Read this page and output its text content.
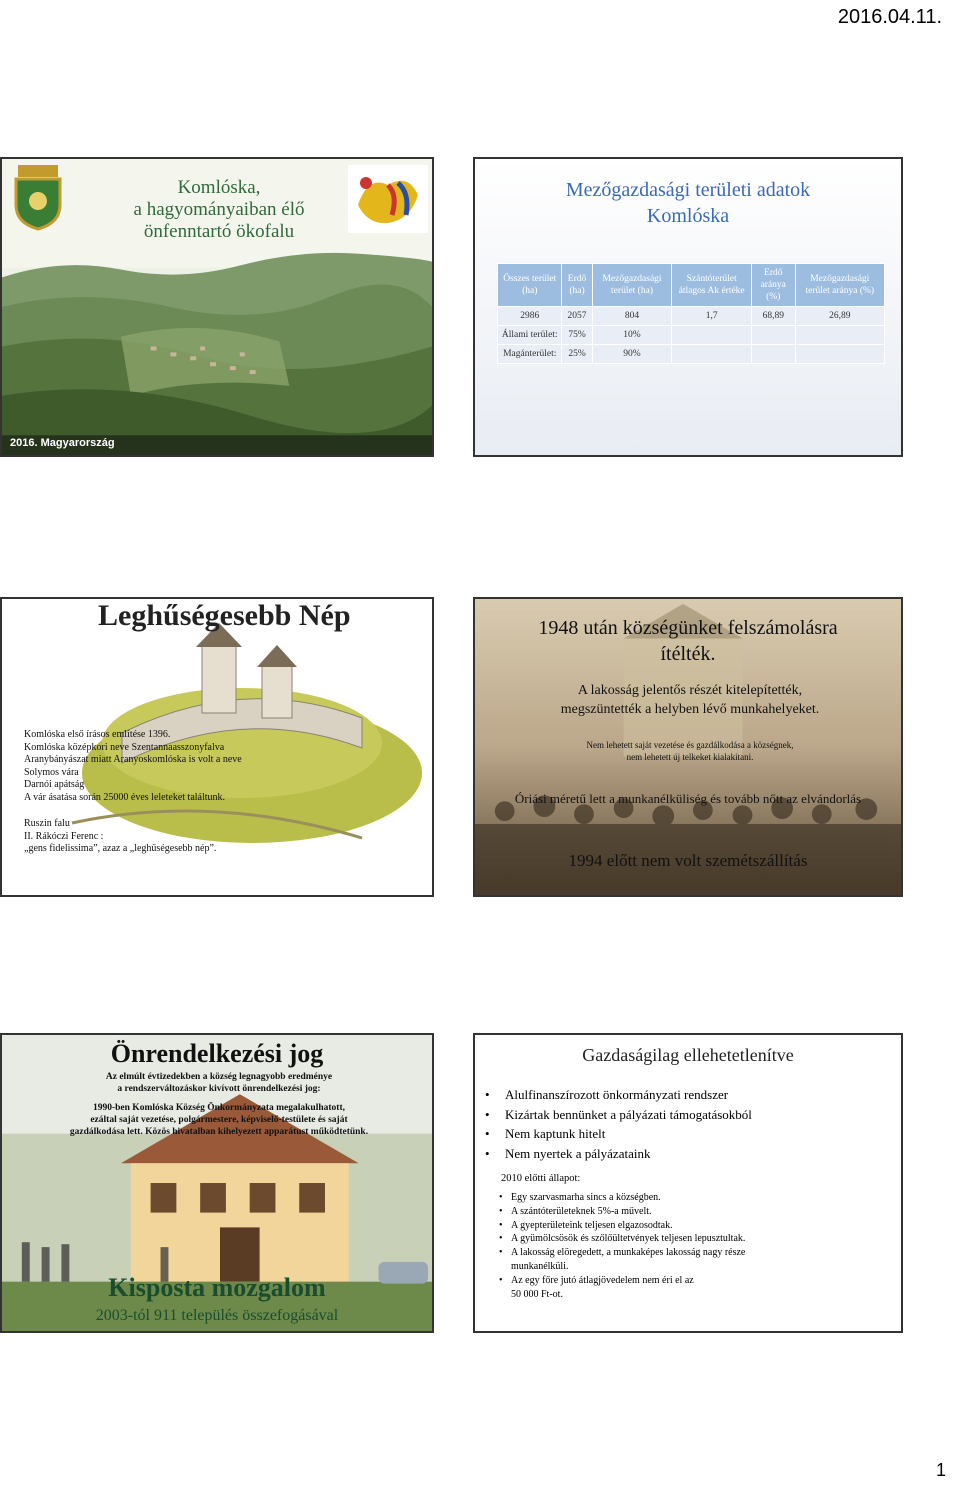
2016.04.11.
Komlóska,
a hagyományaiban élő
önfenntartó ökofalu
2016. Magyarország
Mezőgazdasági területi adatok
Komlóska
Összes terület (ha)	Erdő (ha)	Mezőgazdasági terület (ha)	Szántóterület átlagos Ak értéke	Erdő aránya (%)	Mezőgazdasági terület aránya (%)
2986	2057	804	1,7	68,89	26,89
Állami terület:	75%	10%			
Magánterület:	25%	90%			
Leghűségesebb Nép

Komlóska első írásos említése 1396.

Komlóska középkori neve Szentannaasszonyfalva

Aranybányászat miatt Aranyoskomlóska is volt a neve

Solymos vára

Darnói apátság

A vár ásatása során 25000 éves leleteket találtunk.

Ruszin falu

II. Rákóczi Ferenc :

„gens fidelissima”, azaz a „leghűségesebb nép”.

1948 után községünket felszámolásra
ítélték.
A lakosság jelentős részét kitelepítették,
megszüntették a helyben lévő munkahelyeket.
Nem lehetett saját vezetése és gazdálkodása a községnek,
nem lehetett új telkeket kialakítani.
Óriási méretű lett a munkanélküliség és tovább nőtt az elvándorlás
1994 előtt nem volt szemétszállítás
Önrendelkezési jog

Az elmúlt évtizedekben a község legnagyobb eredménye

a rendszerváltozáskor kivívott önrendelkezési jog:

1990-ben Komlóska Község Önkormányzata megalakulhatott,

ezáltal saját vezetése, polgármestere, képviselő-testülete és saját

gazdálkodása lett. Közös hivatalban kihelyezett apparátust működtetünk.

Kisposta mozgalom
2003-tól 911 település összefogásával
Gazdaságilag ellehetetlenítve
• Alulfinanszírozott önkormányzati rendszer
• Kizártak bennünket a pályázati támogatásokból
• Nem kaptunk hitelt
• Nem nyertek a pályázataink
2010 előtti állapot:
• Egy szarvasmarha sincs a községben.
• A szántóterületeknek 5%-a művelt.
• A gyepterületeink teljesen elgazosodtak.
• A gyümölcsösök és szőlőültetvények teljesen lepusztultak.
• A lakosság elöregedett, a munkaképes lakosság nagy része
munkanélküli.
• Az egy főre jutó átlagjövedelem nem éri el az
50 000 Ft-ot.
1
